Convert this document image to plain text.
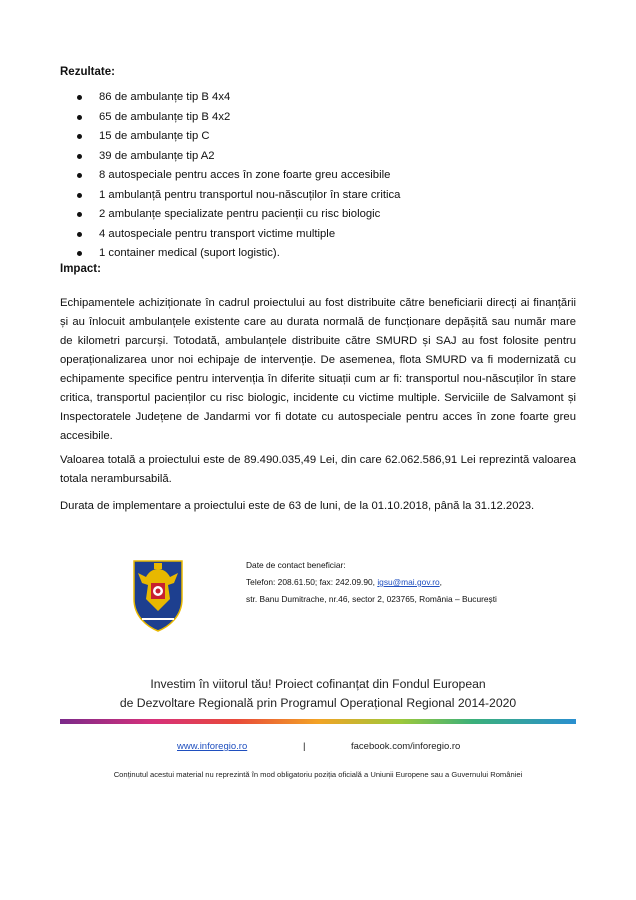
Rezultate:
86 de ambulanțe tip B 4x4
65 de ambulanțe tip B 4x2
15 de ambulanțe tip C
39 de ambulanțe tip A2
8 autospeciale pentru acces în zone foarte greu accesibile
1 ambulanță pentru transportul nou-născuților în stare critica
2 ambulanțe specializate pentru pacienții cu risc biologic
4 autospeciale pentru transport victime multiple
1 container medical (suport logistic).
Impact:
Echipamentele achiziționate în cadrul proiectului au fost distribuite către beneficiarii direcți ai finanțării și au înlocuit ambulanțele existente care au durata normală de funcționare depășită sau număr mare de kilometri parcurși. Totodată, ambulanțele distribuite către SMURD și SAJ au fost folosite pentru operaționalizarea unor noi echipaje de intervenție. De asemenea, flota SMURD va fi modernizată cu echipamente specifice pentru intervenția în diferite situații cum ar fi: transportul nou-născuților în stare critica, transportul pacienților cu risc biologic, incidente cu victime multiple. Serviciile de Salvamont și Inspectoratele Județene de Jandarmi vor fi dotate cu autospeciale pentru acces în zone foarte greu accesibile.
Valoarea totală a proiectului este de 89.490.035,49 Lei, din care 62.062.586,91 Lei reprezintă valoarea totala nerambursabilă.
Durata de implementare a proiectului este de 63 de luni, de la 01.10.2018, până la 31.12.2023.
Date de contact beneficiar:
Telefon: 208.61.50; fax: 242.09.90, igsu@mai.gov.ro,
str. Banu Dumitrache, nr.46, sector 2, 023765, România – București
Investim în viitorul tău! Proiect cofinanțat din Fondul European
de Dezvoltare Regională prin Programul Operațional Regional 2014-2020
www.inforegio.ro	|	facebook.com/inforegio.ro
Conținutul acestui material nu reprezintă în mod obligatoriu poziția oficială a Uniunii Europene sau a Guvernului României
